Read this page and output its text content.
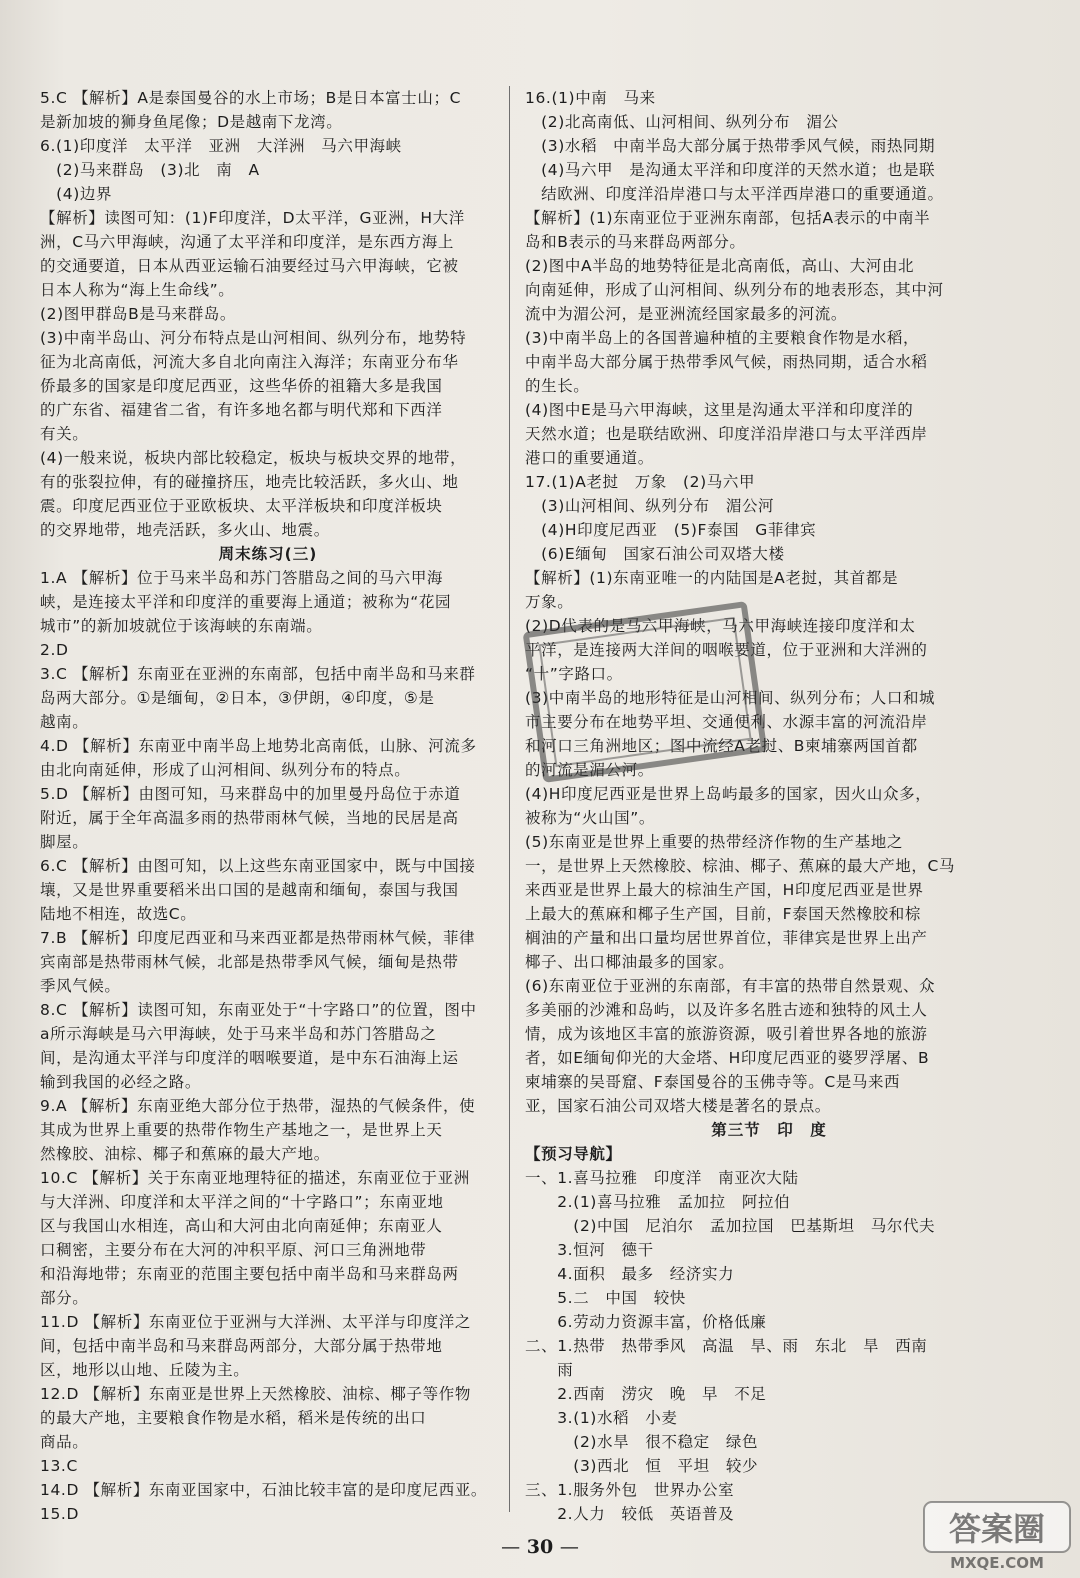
5.C 【解析】A是泰国曼谷的水上市场；B是日本富士山；C
是新加坡的狮身鱼尾像；D是越南下龙湾。
6.(1)印度洋　太平洋　亚洲　大洋洲　马六甲海峡
　(2)马来群岛　(3)北　南　A
　(4)边界
【解析】读图可知：(1)F印度洋，D太平洋，G亚洲，H大洋
洲，C马六甲海峡，沟通了太平洋和印度洋，是东西方海上
的交通要道，日本从西亚运输石油要经过马六甲海峡，它被
日本人称为“海上生命线”。
(2)图甲群岛B是马来群岛。
(3)中南半岛山、河分布特点是山河相间、纵列分布，地势特
征为北高南低，河流大多自北向南注入海洋；东南亚分布华
侨最多的国家是印度尼西亚，这些华侨的祖籍大多是我国
的广东省、福建省二省，有许多地名都与明代郑和下西洋
有关。
(4)一般来说，板块内部比较稳定，板块与板块交界的地带，
有的张裂拉伸，有的碰撞挤压，地壳比较活跃，多火山、地
震。印度尼西亚位于亚欧板块、太平洋板块和印度洋板块
的交界地带，地壳活跃，多火山、地震。
周末练习(三)
1.A 【解析】位于马来半岛和苏门答腊岛之间的马六甲海
峡，是连接太平洋和印度洋的重要海上通道；被称为“花园
城市”的新加坡就位于该海峡的东南端。
2.D
3.C 【解析】东南亚在亚洲的东南部，包括中南半岛和马来群
岛两大部分。①是缅甸，②日本，③伊朗，④印度，⑤是
越南。
4.D 【解析】东南亚中南半岛上地势北高南低，山脉、河流多
由北向南延伸，形成了山河相间、纵列分布的特点。
5.D 【解析】由图可知，马来群岛中的加里曼丹岛位于赤道
附近，属于全年高温多雨的热带雨林气候，当地的民居是高
脚屋。
6.C 【解析】由图可知，以上这些东南亚国家中，既与中国接
壤，又是世界重要稻米出口国的是越南和缅甸，泰国与我国
陆地不相连，故选C。
7.B 【解析】印度尼西亚和马来西亚都是热带雨林气候，菲律
宾南部是热带雨林气候，北部是热带季风气候，缅甸是热带
季风气候。
8.C 【解析】读图可知，东南亚处于“十字路口”的位置，图中
a所示海峡是马六甲海峡，处于马来半岛和苏门答腊岛之
间，是沟通太平洋与印度洋的咽喉要道，是中东石油海上运
输到我国的必经之路。
9.A 【解析】东南亚绝大部分位于热带，湿热的气候条件，使
其成为世界上重要的热带作物生产基地之一，是世界上天
然橡胶、油棕、椰子和蕉麻的最大产地。
10.C 【解析】关于东南亚地理特征的描述，东南亚位于亚洲
与大洋洲、印度洋和太平洋之间的“十字路口”；东南亚地
区与我国山水相连，高山和大河由北向南延伸；东南亚人
口稠密，主要分布在大河的冲积平原、河口三角洲地带
和沿海地带；东南亚的范围主要包括中南半岛和马来群岛两
部分。
11.D 【解析】东南亚位于亚洲与大洋洲、太平洋与印度洋之
间，包括中南半岛和马来群岛两部分，大部分属于热带地
区，地形以山地、丘陵为主。
12.D 【解析】东南亚是世界上天然橡胶、油棕、椰子等作物
的最大产地，主要粮食作物是水稻，稻米是传统的出口
商品。
13.C
14.D 【解析】东南亚国家中，石油比较丰富的是印度尼西亚。
15.D
16.(1)中南　马来
　(2)北高南低、山河相间、纵列分布　湄公
　(3)水稻　中南半岛大部分属于热带季风气候，雨热同期
　(4)马六甲　是沟通太平洋和印度洋的天然水道；也是联
　结欧洲、印度洋沿岸港口与太平洋西岸港口的重要通道。
【解析】(1)东南亚位于亚洲东南部，包括A表示的中南半
岛和B表示的马来群岛两部分。
(2)图中A半岛的地势特征是北高南低，高山、大河由北
向南延伸，形成了山河相间、纵列分布的地表形态，其中河
流中为湄公河，是亚洲流经国家最多的河流。
(3)中南半岛上的各国普遍种植的主要粮食作物是水稻，
中南半岛大部分属于热带季风气候，雨热同期，适合水稻
的生长。
(4)图中E是马六甲海峡，这里是沟通太平洋和印度洋的
天然水道；也是联结欧洲、印度洋沿岸港口与太平洋西岸
港口的重要通道。
17.(1)A老挝　万象　(2)马六甲
　(3)山河相间、纵列分布　湄公河
　(4)H印度尼西亚　(5)F泰国　G菲律宾
　(6)E缅甸　国家石油公司双塔大楼
【解析】(1)东南亚唯一的内陆国是A老挝，其首都是
万象。
(2)D代表的是马六甲海峡，马六甲海峡连接印度洋和太
平洋，是连接两大洋间的咽喉要道，位于亚洲和大洋洲的
“十”字路口。
(3)中南半岛的地形特征是山河相间、纵列分布；人口和城
市主要分布在地势平坦、交通便利、水源丰富的河流沿岸
和河口三角洲地区；图中流经A老挝、B柬埔寨两国首都
的河流是湄公河。
(4)H印度尼西亚是世界上岛屿最多的国家，因火山众多，
被称为“火山国”。
(5)东南亚是世界上重要的热带经济作物的生产基地之
一，是世界上天然橡胶、棕油、椰子、蕉麻的最大产地，C马
来西亚是世界上最大的棕油生产国，H印度尼西亚是世界
上最大的蕉麻和椰子生产国，目前，F泰国天然橡胶和棕
榈油的产量和出口量均居世界首位，菲律宾是世界上出产
椰子、出口椰油最多的国家。
(6)东南亚位于亚洲的东南部，有丰富的热带自然景观、众
多美丽的沙滩和岛屿，以及许多名胜古迹和独特的风土人
情，成为该地区丰富的旅游资源，吸引着世界各地的旅游
者，如E缅甸仰光的大金塔、H印度尼西亚的婆罗浮屠、B
柬埔寨的吴哥窟、F泰国曼谷的玉佛寺等。C是马来西
亚，国家石油公司双塔大楼是著名的景点。
第三节　印　度
【预习导航】
一、1.喜马拉雅　印度洋　南亚次大陆
　　2.(1)喜马拉雅　孟加拉　阿拉伯
　　　(2)中国　尼泊尔　孟加拉国　巴基斯坦　马尔代夫
　　3.恒河　德干
　　4.面积　最多　经济实力
　　5.二　中国　较快
　　6.劳动力资源丰富，价格低廉
二、1.热带　热带季风　高温　旱、雨　东北　旱　西南
　　雨
　　2.西南　涝灾　晚　早　不足
　　3.(1)水稻　小麦
　　　(2)水旱　很不稳定　绿色
　　　(3)西北　恒　平坦　较少
三、1.服务外包　世界办公室
　　2.人力　较低　英语普及
— 30 —	答案圈
MXQE.COM
